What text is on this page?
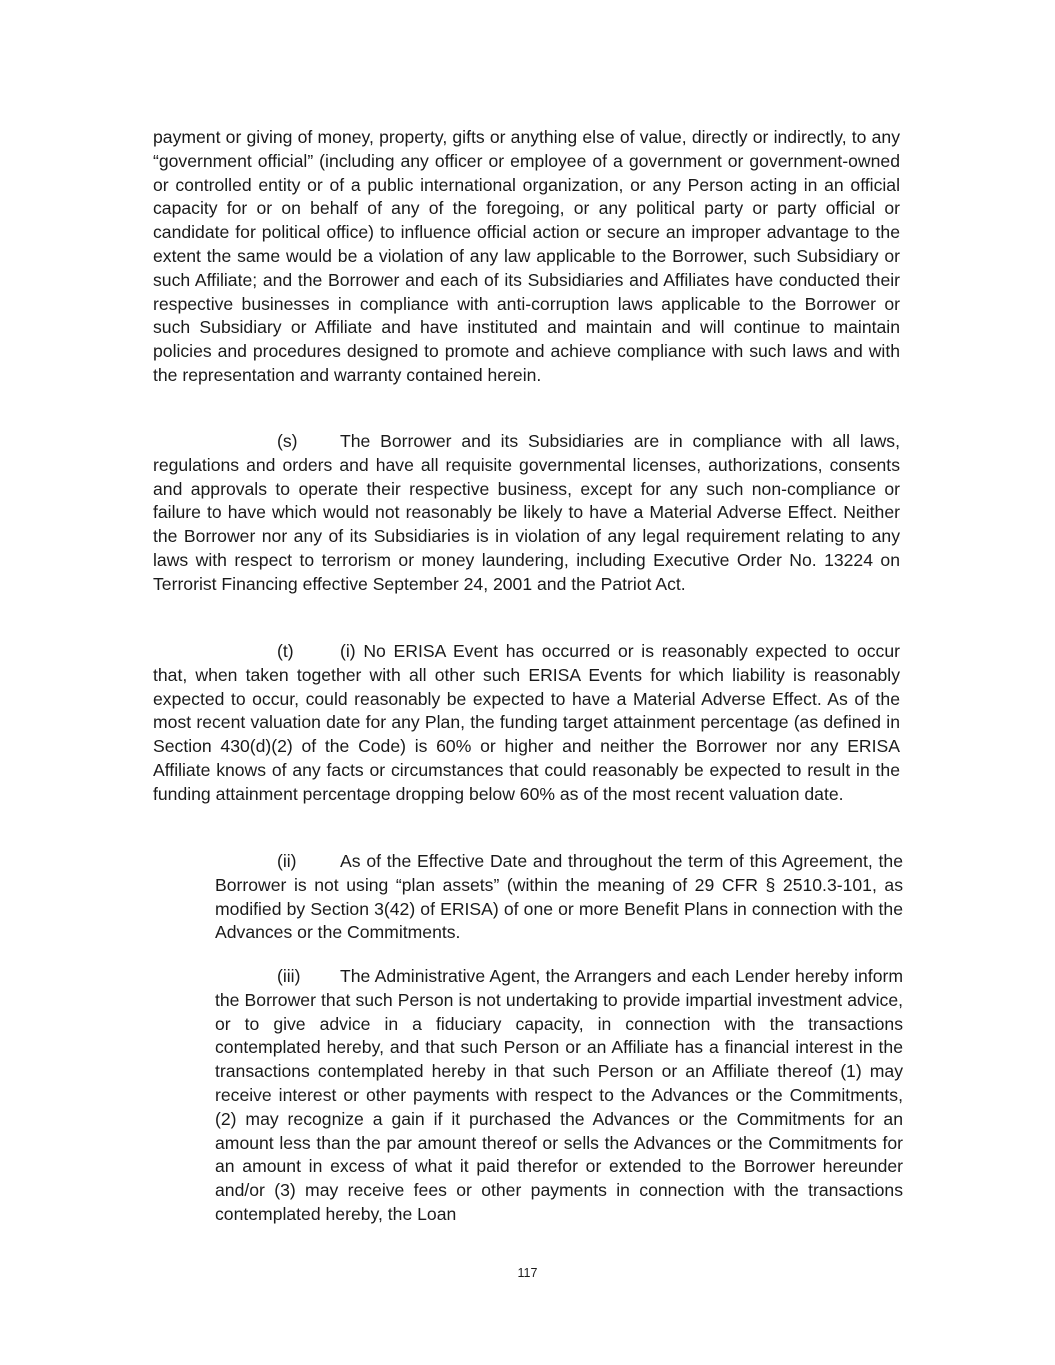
payment or giving of money, property, gifts or anything else of value, directly or indirectly, to any “government official” (including any officer or employee of a government or government-owned or controlled entity or of a public international organization, or any Person acting in an official capacity for or on behalf of any of the foregoing, or any political party or party official or candidate for political office) to influence official action or secure an improper advantage to the extent the same would be a violation of any law applicable to the Borrower, such Subsidiary or such Affiliate; and the Borrower and each of its Subsidiaries and Affiliates have conducted their respective businesses in compliance with anti-corruption laws applicable to the Borrower or such Subsidiary or Affiliate and have instituted and maintain and will continue to maintain policies and procedures designed to promote and achieve compliance with such laws and with the representation and warranty contained herein.

(s) The Borrower and its Subsidiaries are in compliance with all laws, regulations and orders and have all requisite governmental licenses, authorizations, consents and approvals to operate their respective business, except for any such non-compliance or failure to have which would not reasonably be likely to have a Material Adverse Effect. Neither the Borrower nor any of its Subsidiaries is in violation of any legal requirement relating to any laws with respect to terrorism or money laundering, including Executive Order No. 13224 on Terrorist Financing effective September 24, 2001 and the Patriot Act.

(t)	(i) No ERISA Event has occurred or is reasonably expected to occur that, when taken together with all other such ERISA Events for which liability is reasonably expected to occur, could reasonably be expected to have a Material Adverse Effect. As of the most recent valuation date for any Plan, the funding target attainment percentage (as defined in Section 430(d)(2) of the Code) is 60% or higher and neither the Borrower nor any ERISA Affiliate knows of any facts or circumstances that could reasonably be expected to result in the funding attainment percentage dropping below 60% as of the most recent valuation date.

(ii) As of the Effective Date and throughout the term of this Agreement, the Borrower is not using “plan assets” (within the meaning of 29 CFR § 2510.3-101, as modified by Section 3(42) of ERISA) of one or more Benefit Plans in connection with the Advances or the Commitments.

(iii) The Administrative Agent, the Arrangers and each Lender hereby inform the Borrower that such Person is not undertaking to provide impartial investment advice, or to give advice in a fiduciary capacity, in connection with the transactions contemplated hereby, and that such Person or an Affiliate has a financial interest in the transactions contemplated hereby in that such Person or an Affiliate thereof (1) may receive interest or other payments with respect to the Advances or the Commitments, (2) may recognize a gain if it purchased the Advances or the Commitments for an amount less than the par amount thereof or sells the Advances or the Commitments for an amount in excess of what it paid therefor or extended to the Borrower hereunder and/or (3) may receive fees or other payments in connection with the transactions contemplated hereby, the Loan

117
